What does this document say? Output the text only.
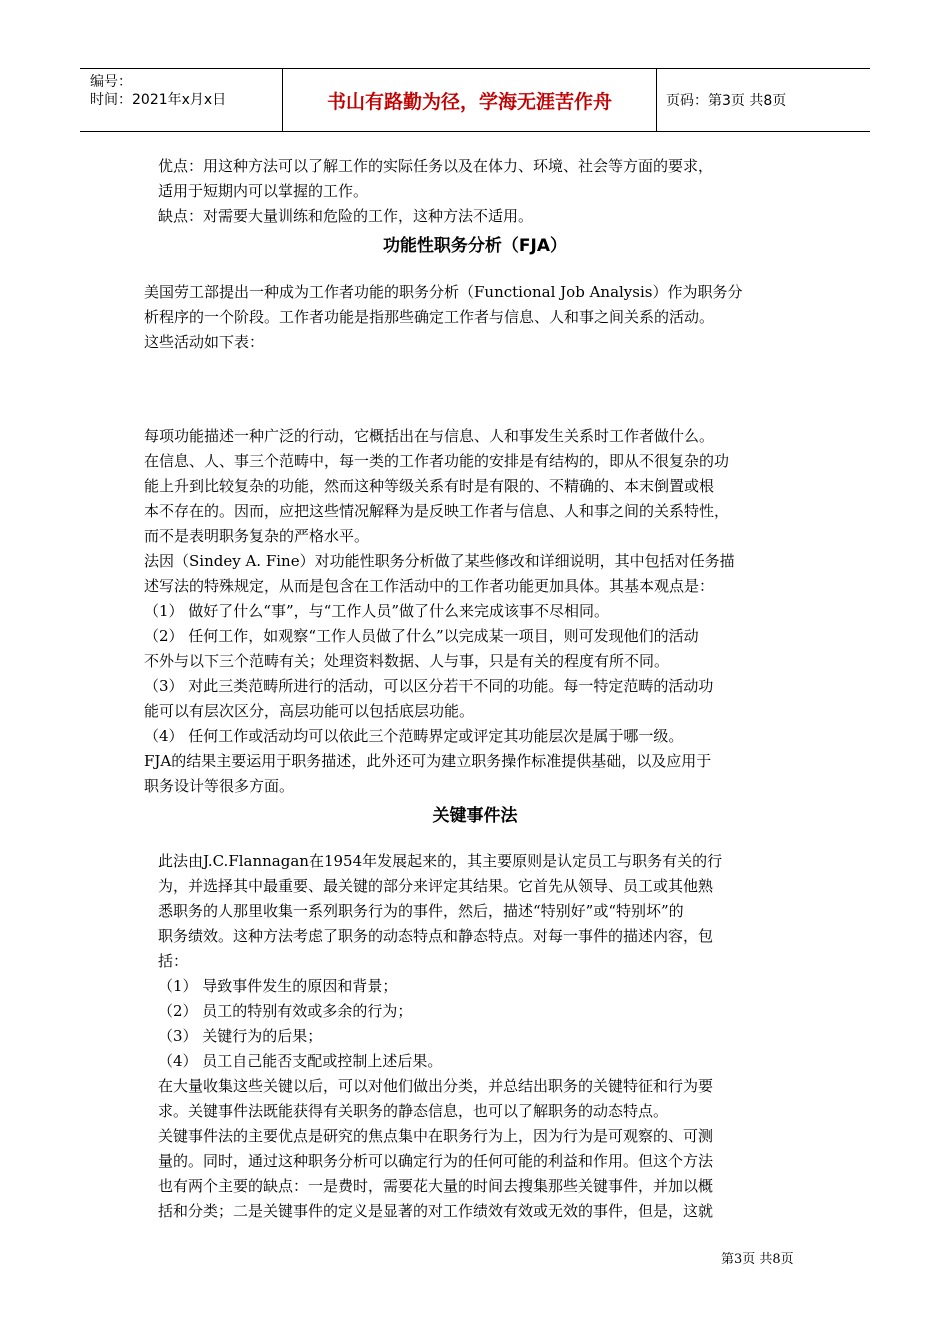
编号：
时间：2021年x月x日	书山有路勤为径，学海无涯苦作舟	页码：第3页 共8页
优点：用这种方法可以了解工作的实际任务以及在体力、环境、社会等方面的要求，
适用于短期内可以掌握的工作。
缺点：对需要大量训练和危险的工作，这种方法不适用。
功能性职务分析（FJA）
美国劳工部提出一种成为工作者功能的职务分析（Functional Job Analysis）作为职务分
析程序的一个阶段。工作者功能是指那些确定工作者与信息、人和事之间关系的活动。
这些活动如下表：
每项功能描述一种广泛的行动，它概括出在与信息、人和事发生关系时工作者做什么。
在信息、人、事三个范畴中，每一类的工作者功能的安排是有结构的，即从不很复杂的功
能上升到比较复杂的功能，然而这种等级关系有时是有限的、不精确的、本末倒置或根
本不存在的。因而，应把这些情况解释为是反映工作者与信息、人和事之间的关系特性，
而不是表明职务复杂的严格水平。
法因（Sindey A. Fine）对功能性职务分析做了某些修改和详细说明，其中包括对任务描
述写法的特殊规定，从而是包含在工作活动中的工作者功能更加具体。其基本观点是：
（1） 做好了什么“事”，与“工作人员”做了什么来完成该事不尽相同。
（2） 任何工作，如观察“工作人员做了什么”以完成某一项目，则可发现他们的活动
不外与以下三个范畴有关；处理资料数据、人与事，只是有关的程度有所不同。
（3） 对此三类范畴所进行的活动，可以区分若干不同的功能。每一特定范畴的活动功
能可以有层次区分，高层功能可以包括底层功能。
（4） 任何工作或活动均可以依此三个范畴界定或评定其功能层次是属于哪一级。
FJA的结果主要运用于职务描述，此外还可为建立职务操作标准提供基础，以及应用于
职务设计等很多方面。
关键事件法
此法由J.C.Flannagan在1954年发展起来的，其主要原则是认定员工与职务有关的行
为，并选择其中最重要、最关键的部分来评定其结果。它首先从领导、员工或其他熟
悉职务的人那里收集一系列职务行为的事件，然后，描述“特别好”或“特别坏”的
职务绩效。这种方法考虑了职务的动态特点和静态特点。对每一事件的描述内容，包
括：
（1） 导致事件发生的原因和背景；
（2） 员工的特别有效或多余的行为；
（3） 关键行为的后果；
（4） 员工自己能否支配或控制上述后果。
在大量收集这些关键以后，可以对他们做出分类，并总结出职务的关键特征和行为要
求。关键事件法既能获得有关职务的静态信息，也可以了解职务的动态特点。
关键事件法的主要优点是研究的焦点集中在职务行为上，因为行为是可观察的、可测
量的。同时，通过这种职务分析可以确定行为的任何可能的利益和作用。但这个方法
也有两个主要的缺点：一是费时，需要花大量的时间去搜集那些关键事件，并加以概
括和分类；二是关键事件的定义是显著的对工作绩效有效或无效的事件，但是，这就
第3页 共8页
